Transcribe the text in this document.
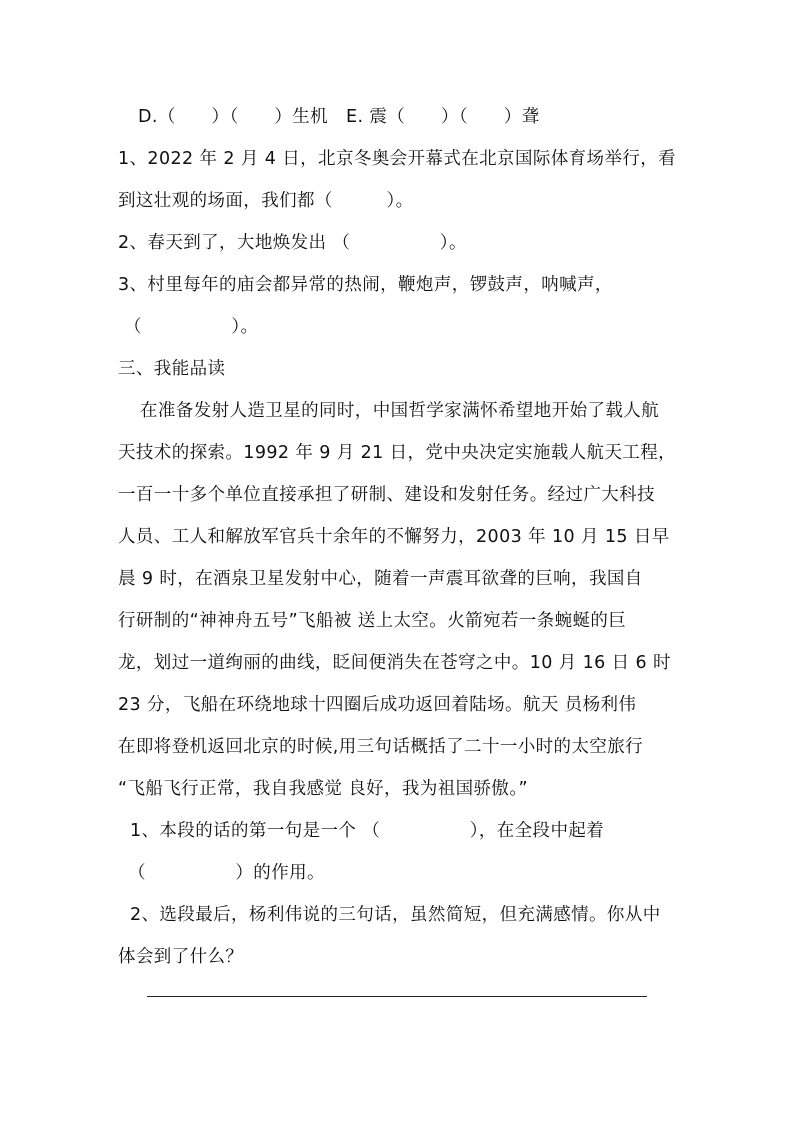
D.（　　）（　　）生机　E. 震（　　）（　　）聋
1、2022 年 2 月 4 日，北京冬奥会开幕式在北京国际体育场举行，看
到这壮观的场面，我们都（　　　）。
2、春天到了，大地焕发出 （　　　　　）。
3、村里每年的庙会都异常的热闹，鞭炮声，锣鼓声，呐喊声，
（　　　　　）。
三、我能品读
在准备发射人造卫星的同时，中国哲学家满怀希望地开始了载人航
天技术的探索。1992 年 9 月 21 日，党中央决定实施载人航天工程，
一百一十多个单位直接承担了研制、建设和发射任务。经过广大科技
人员、工人和解放军官兵十余年的不懈努力，2003 年 10 月 15 日早
晨 9 时，在酒泉卫星发射中心，随着一声震耳欲聋的巨响，我国自
行研制的“神神舟五号”飞船被 送上太空。火箭宛若一条蜿蜒的巨
龙，划过一道绚丽的曲线，眨间便消失在苍穹之中。10 月 16 日 6 时
23 分，飞船在环绕地球十四圈后成功返回着陆场。航天 员杨利伟
在即将登机返回北京的时候,用三句话概括了二十一小时的太空旅行
“飞船飞行正常，我自我感觉 良好，我为祖国骄傲。”
1、本段的话的第一句是一个 （　　　　　），在全段中起着
（　　　　　）的作用。
2、选段最后，杨利伟说的三句话，虽然简短，但充满感情。你从中
体会到了什么？
